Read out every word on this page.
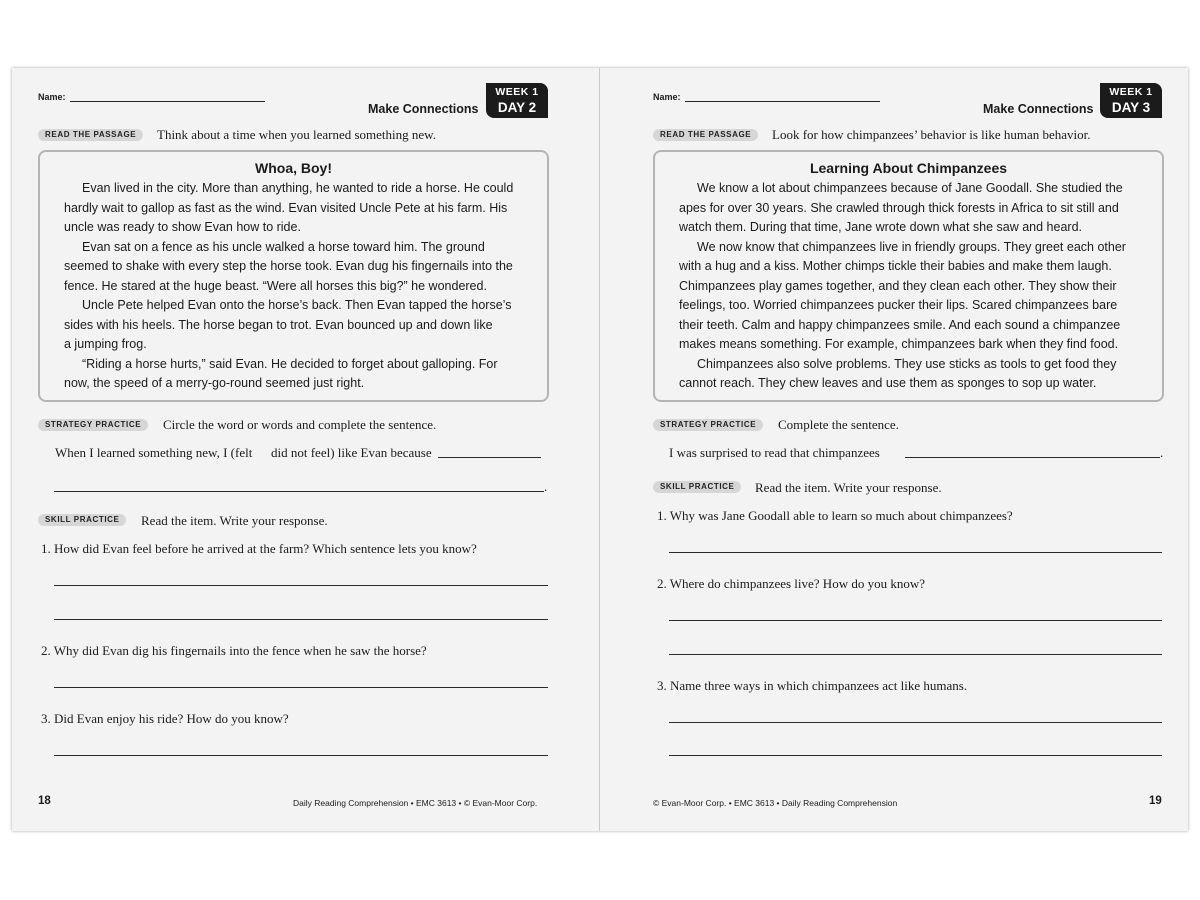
Name:
Make Connections
WEEK 1
DAY 2
READ THE PASSAGE	Think about a time when you learned something new.
Whoa, Boy!
Evan lived in the city. More than anything, he wanted to ride a horse. He could
hardly wait to gallop as fast as the wind. Evan visited Uncle Pete at his farm. His
uncle was ready to show Evan how to ride.
Evan sat on a fence as his uncle walked a horse toward him. The ground
seemed to shake with every step the horse took. Evan dug his fingernails into the
fence. He stared at the huge beast. “Were all horses this big?” he wondered.
Uncle Pete helped Evan onto the horse’s back. Then Evan tapped the horse’s
sides with his heels. The horse began to trot. Evan bounced up and down like
a jumping frog.
“Riding a horse hurts,” said Evan. He decided to forget about galloping. For
now, the speed of a merry-go-round seemed just right.
STRATEGY PRACTICE	Circle the word or words and complete the sentence.
When I learned something new, I (felt did not feel) like Evan because
.
SKILL PRACTICE	Read the item. Write your response.
1. How did Evan feel before he arrived at the farm? Which sentence lets you know?
2. Why did Evan dig his fingernails into the fence when he saw the horse?
3. Did Evan enjoy his ride? How do you know?
18	Daily Reading Comprehension • EMC 3613 • © Evan-Moor Corp.
Name:
Make Connections
WEEK 1
DAY 3
READ THE PASSAGE	Look for how chimpanzees’ behavior is like human behavior.
Learning About Chimpanzees
We know a lot about chimpanzees because of Jane Goodall. She studied the
apes for over 30 years. She crawled through thick forests in Africa to sit still and
watch them. During that time, Jane wrote down what she saw and heard.
We now know that chimpanzees live in friendly groups. They greet each other
with a hug and a kiss. Mother chimps tickle their babies and make them laugh.
Chimpanzees play games together, and they clean each other. They show their
feelings, too. Worried chimpanzees pucker their lips. Scared chimpanzees bare
their teeth. Calm and happy chimpanzees smile. And each sound a chimpanzee
makes means something. For example, chimpanzees bark when they find food.
Chimpanzees also solve problems. They use sticks as tools to get food they
cannot reach. They chew leaves and use them as sponges to sop up water.
STRATEGY PRACTICE	Complete the sentence.
I was surprised to read that chimpanzees	.
SKILL PRACTICE	Read the item. Write your response.
1. Why was Jane Goodall able to learn so much about chimpanzees?
2. Where do chimpanzees live? How do you know?
3. Name three ways in which chimpanzees act like humans.
© Evan-Moor Corp. • EMC 3613 • Daily Reading Comprehension	19
